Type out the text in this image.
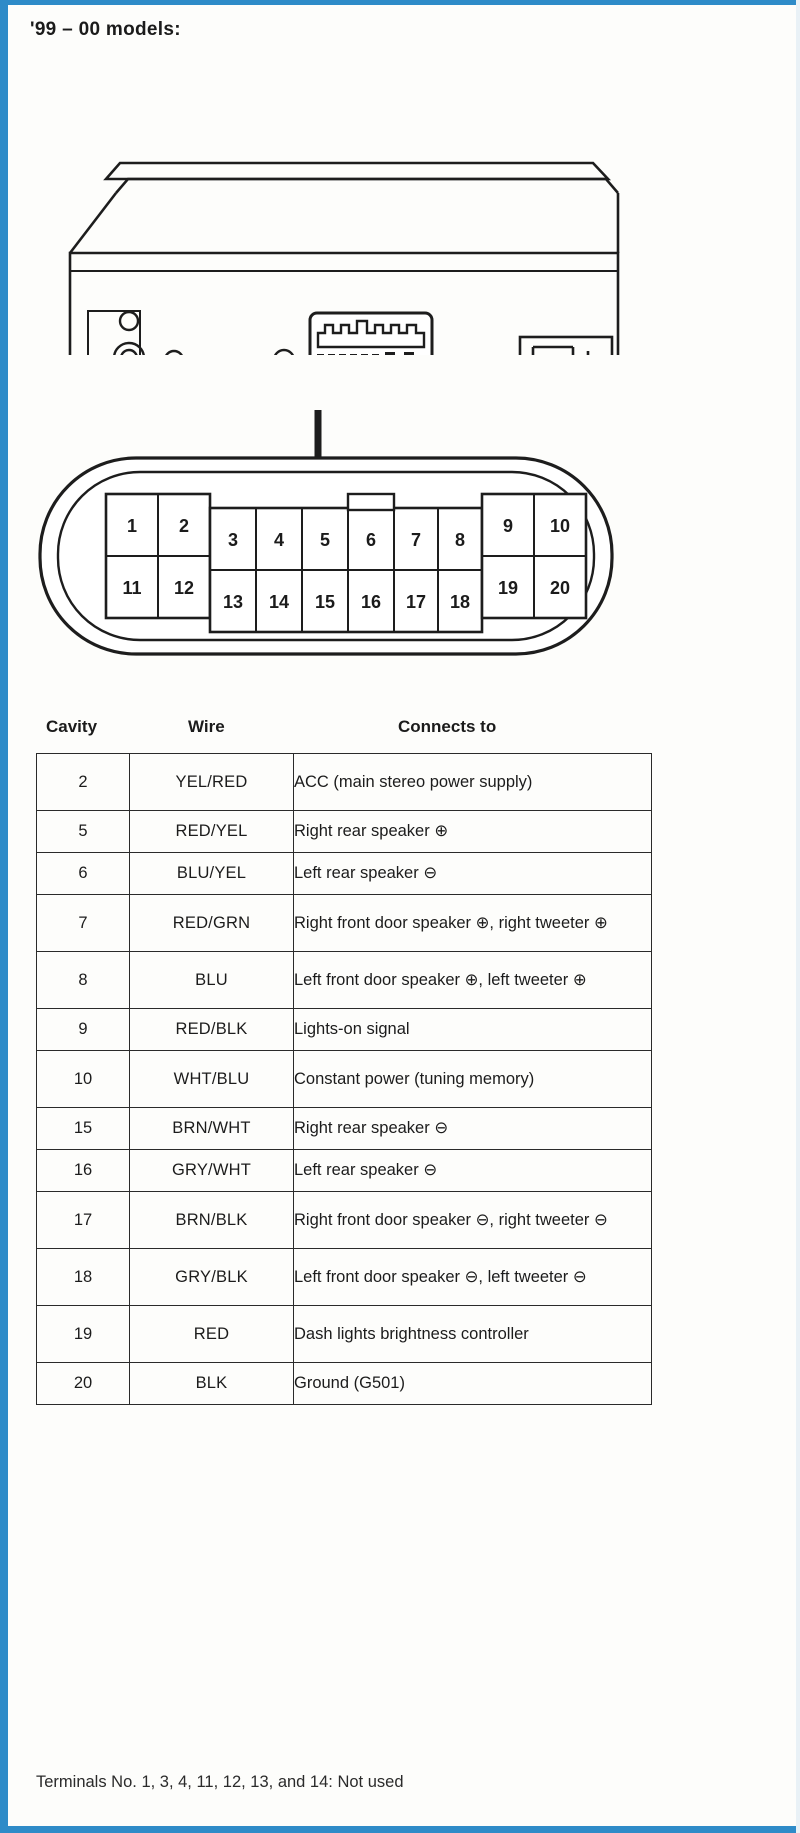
'99 – 00 models:
1 2
3 4 5 6 7 8
9 10
11 12
13 14 15 16 17 18
19 20
Cavity	Wire	Connects to
2	YEL/RED	ACC (main stereo power supply)
5	RED/YEL	Right rear speaker ⊕
6	BLU/YEL	Left rear speaker ⊖
7	RED/GRN	Right front door speaker ⊕, right tweeter ⊕
8	BLU	Left front door speaker ⊕, left tweeter ⊕
9	RED/BLK	Lights-on signal
10	WHT/BLU	Constant power (tuning memory)
15	BRN/WHT	Right rear speaker ⊖
16	GRY/WHT	Left rear speaker ⊖
17	BRN/BLK	Right front door speaker ⊖, right tweeter ⊖
18	GRY/BLK	Left front door speaker ⊖, left tweeter ⊖
19	RED	Dash lights brightness controller
20	BLK	Ground (G501)
Terminals No. 1, 3, 4, 11, 12, 13, and 14: Not used
